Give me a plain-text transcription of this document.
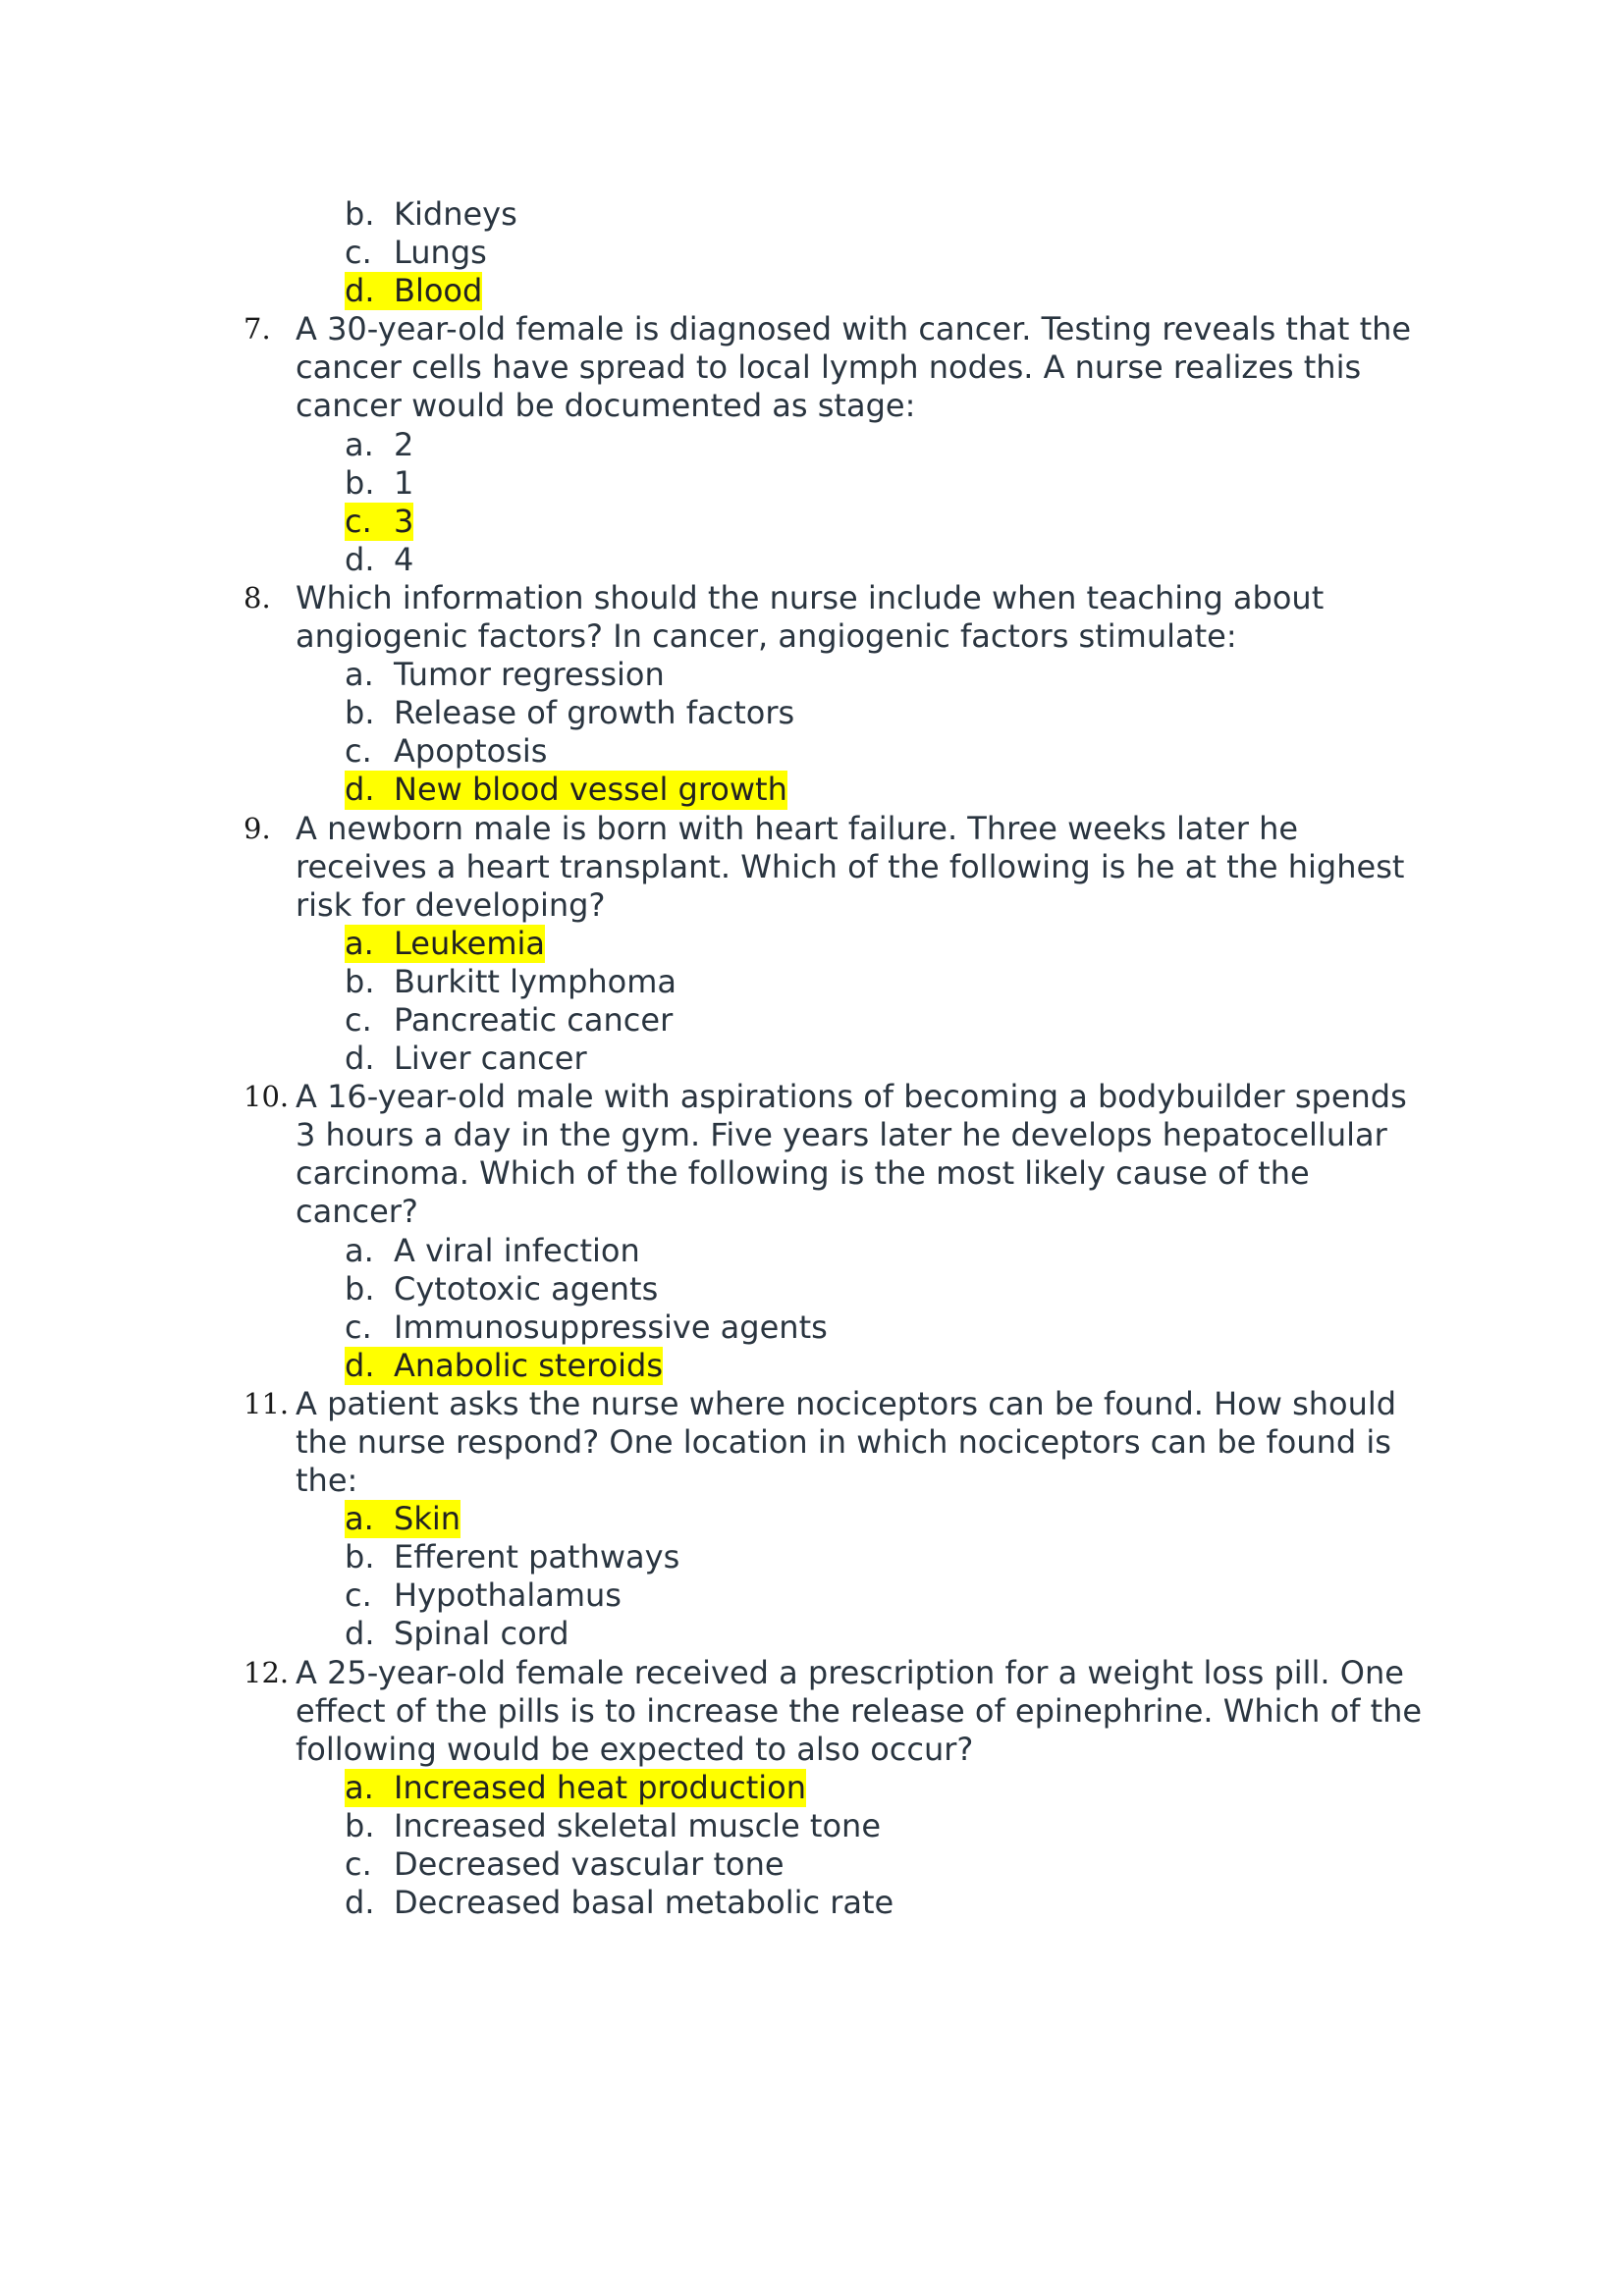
b. Kidneys
c. Lungs
d. Blood
7. A 30-year-old female is diagnosed with cancer. Testing reveals that the
cancer cells have spread to local lymph nodes. A nurse realizes this
cancer would be documented as stage:
a. 2
b. 1
c. 3
d. 4
8. Which information should the nurse include when teaching about
angiogenic factors? In cancer, angiogenic factors stimulate:
a. Tumor regression
b. Release of growth factors
c. Apoptosis
d. New blood vessel growth
9. A newborn male is born with heart failure. Three weeks later he
receives a heart transplant. Which of the following is he at the highest
risk for developing?
a. Leukemia
b. Burkitt lymphoma
c. Pancreatic cancer
d. Liver cancer
10. A 16-year-old male with aspirations of becoming a bodybuilder spends
3 hours a day in the gym. Five years later he develops hepatocellular
carcinoma. Which of the following is the most likely cause of the
cancer?
a. A viral infection
b. Cytotoxic agents
c. Immunosuppressive agents
d. Anabolic steroids
11. A patient asks the nurse where nociceptors can be found. How should
the nurse respond? One location in which nociceptors can be found is
the:
a. Skin
b. Efferent pathways
c. Hypothalamus
d. Spinal cord
12. A 25-year-old female received a prescription for a weight loss pill. One
effect of the pills is to increase the release of epinephrine. Which of the
following would be expected to also occur?
a. Increased heat production
b. Increased skeletal muscle tone
c. Decreased vascular tone
d. Decreased basal metabolic rate
